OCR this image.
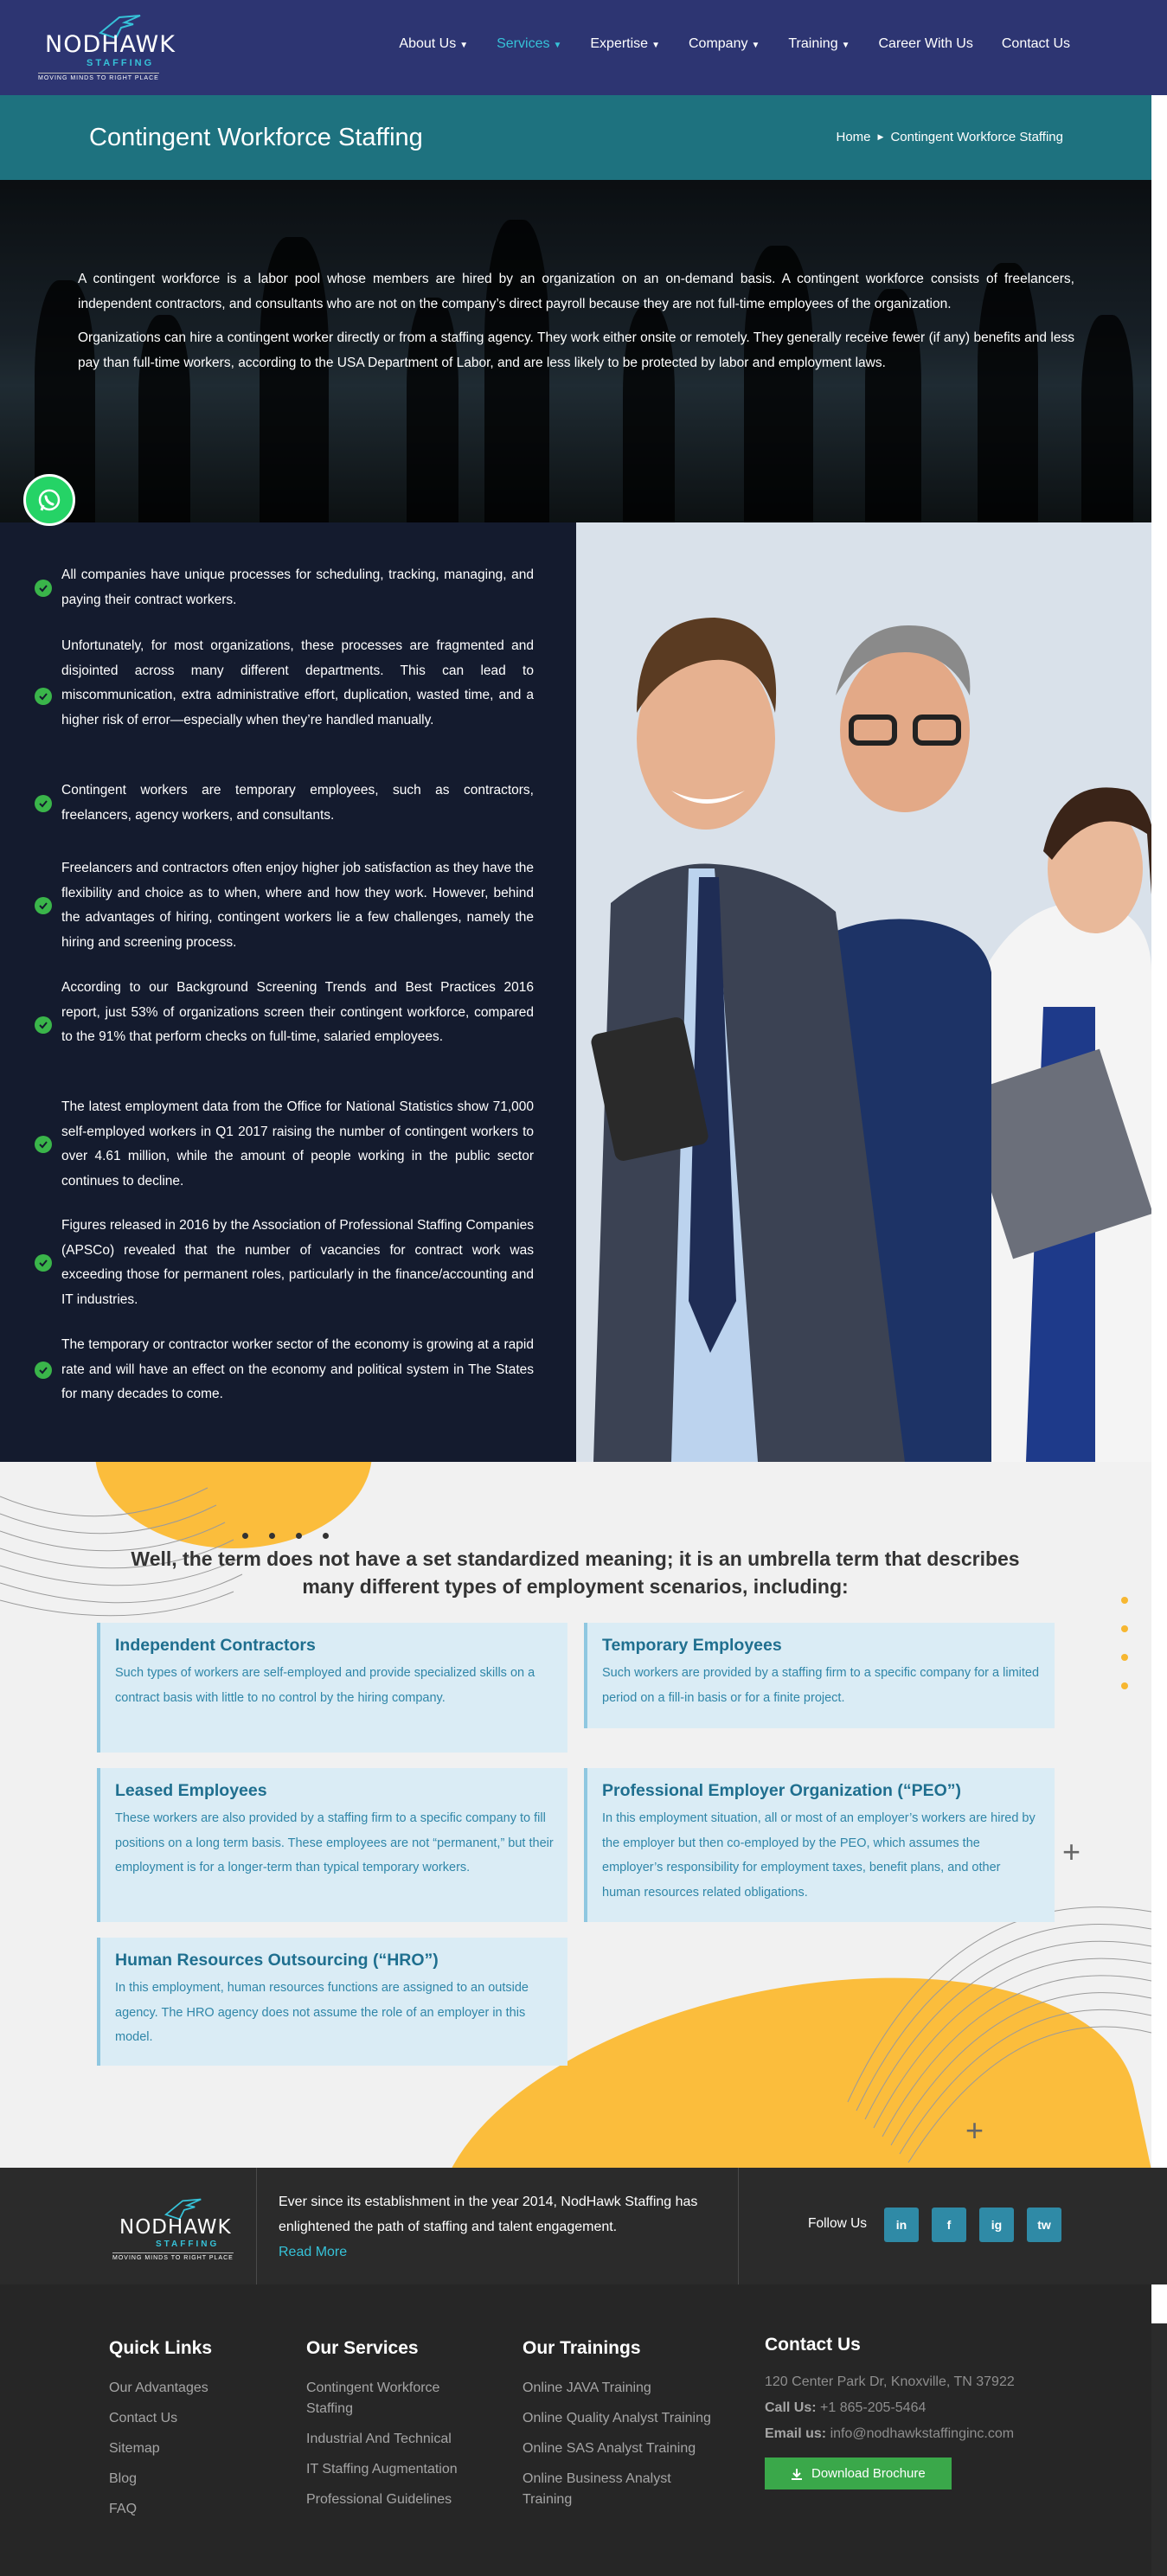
NODHAWK
STAFFING
MOVING MINDS TO RIGHT PLACE
About Us ▼ Services ▼ Expertise ▼ Company ▼ Training ▼ Career With Us Contact Us
Contingent Workforce Staffing	Home ▶ Contingent Workforce Staffing

A contingent workforce is a labor pool whose members are hired by an organization on an on-demand basis. A contingent workforce consists of freelancers, independent contractors, and consultants who are not on the company’s direct payroll because they are not full-time employees of the organization.

Organizations can hire a contingent worker directly or from a staffing agency. They work either onsite or remotely. They generally receive fewer (if any) benefits and less pay than full-time workers, according to the USA Department of Labor, and are less likely to be protected by labor and employment laws.

All companies have unique processes for scheduling, tracking, managing, and paying their contract workers.
Unfortunately, for most organizations, these processes are fragmented and disjointed across many different departments. This can lead to miscommunication, extra administrative effort, duplication, wasted time, and a higher risk of error—especially when they’re handled manually.
Contingent workers are temporary employees, such as contractors, freelancers, agency workers, and consultants.
Freelancers and contractors often enjoy higher job satisfaction as they have the flexibility and choice as to when, where and how they work. However, behind the advantages of hiring, contingent workers lie a few challenges, namely the hiring and screening process.
According to our Background Screening Trends and Best Practices 2016 report, just 53% of organizations screen their contingent workforce, compared to the 91% that perform checks on full-time, salaried employees.
The latest employment data from the Office for National Statistics show 71,000 self-employed workers in Q1 2017 raising the number of contingent workers to over 4.61 million, while the amount of people working in the public sector continues to decline.
Figures released in 2016 by the Association of Professional Staffing Companies (APSCo) revealed that the number of vacancies for contract work was exceeding those for permanent roles, particularly in the finance/accounting and IT industries.
The temporary or contractor worker sector of the economy is growing at a rapid rate and will have an effect on the economy and political system in The States for many decades to come.
Well, the term does not have a set standardized meaning; it is an umbrella term that describes many different types of employment scenarios, including:
Independent Contractors
Such types of workers are self-employed and provide specialized skills on a contract basis with little to no control by the hiring company.
Temporary Employees
Such workers are provided by a staffing firm to a specific company for a limited period on a fill-in basis or for a finite project.
Leased Employees
These workers are also provided by a staffing firm to a specific company to fill positions on a long term basis. These employees are not “permanent,” but their employment is for a longer-term than typical temporary workers.
Professional Employer Organization (“PEO”)
In this employment situation, all or most of an employer’s workers are hired by the employer but then co-employed by the PEO, which assumes the employer’s responsibility for employment taxes, benefit plans, and other human resources related obligations.
Human Resources Outsourcing (“HRO”)
In this employment, human resources functions are assigned to an outside agency. The HRO agency does not assume the role of an employer in this model.
+
+
NODHAWK
STAFFING
MOVING MINDS TO RIGHT PLACE
Ever since its establishment in the year 2014, NodHawk Staffing has enlightened the path of staffing and talent engagement.
Read More
Follow Us	in	f	ig	tw
Quick Links
Our Advantages
Contact Us
Sitemap
Blog
FAQ
Our Services
Contingent Workforce Staffing
Industrial And Technical
IT Staffing Augmentation
Professional Guidelines
Our Trainings
Online JAVA Training
Online Quality Analyst Training
Online SAS Analyst Training
Online Business Analyst Training
Contact Us
120 Center Park Dr, Knoxville, TN 37922
Call Us: +1 865-205-5464
Email us: info@nodhawkstaffinginc.com
Download Brochure
